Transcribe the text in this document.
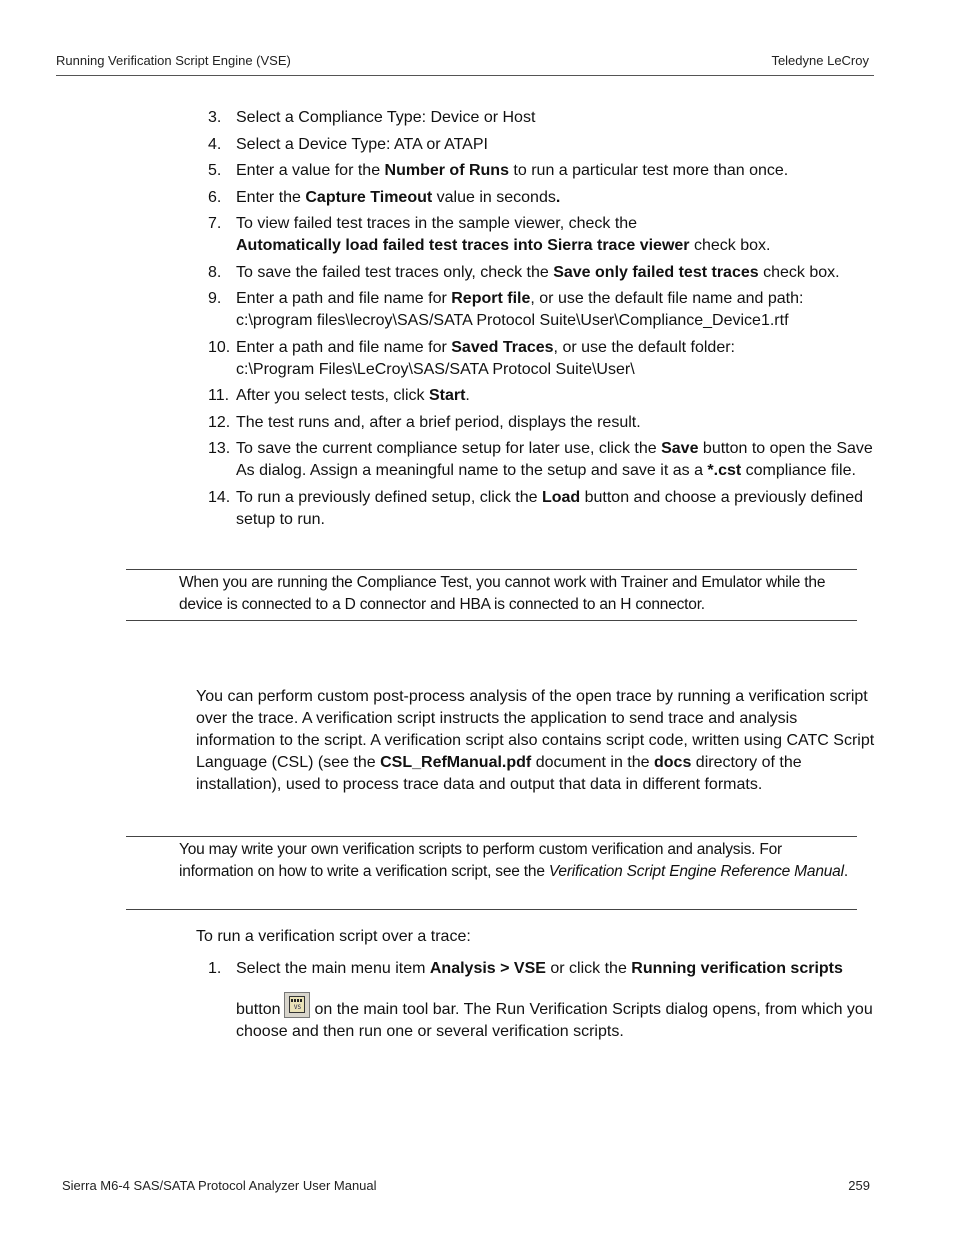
Running Verification Script Engine (VSE)	Teledyne LeCroy
3. Select a Compliance Type: Device or Host
4. Select a Device Type: ATA or ATAPI
5. Enter a value for the Number of Runs to run a particular test more than once.
6. Enter the Capture Timeout value in seconds.
7. To view failed test traces in the sample viewer, check the
Automatically load failed test traces into Sierra trace viewer check box.
8. To save the failed test traces only, check the Save only failed test traces check box.
9. Enter a path and file name for Report file, or use the default file name and path:
c:\program files\lecroy\SAS/SATA Protocol Suite\User\Compliance_Device1.rtf
10. Enter a path and file name for Saved Traces, or use the default folder:
c:\Program Files\LeCroy\SAS/SATA Protocol Suite\User\
11. After you select tests, click Start.
12. The test runs and, after a brief period, displays the result.
13. To save the current compliance setup for later use, click the Save button to open the Save As dialog. Assign a meaningful name to the setup and save it as a *.cst compliance file.
14. To run a previously defined setup, click the Load button and choose a previously defined setup to run.
When you are running the Compliance Test, you cannot work with Trainer and Emulator while the device is connected to a D connector and HBA is connected to an H connector.
You can perform custom post-process analysis of the open trace by running a verification script over the trace. A verification script instructs the application to send trace and analysis information to the script. A verification script also contains script code, written using CATC Script Language (CSL) (see the CSL_RefManual.pdf document in the docs directory of the installation), used to process trace data and output that data in different formats.
You may write your own verification scripts to perform custom verification and analysis. For information on how to write a verification script, see the Verification Script Engine Reference Manual.
To run a verification script over a trace:
1. Select the main menu item Analysis > VSE or click the Running verification scripts
button	VS on the main tool bar. The Run Verification Scripts dialog opens, from which you choose and then run one or several verification scripts.
Sierra M6-4 SAS/SATA Protocol Analyzer User Manual	259
